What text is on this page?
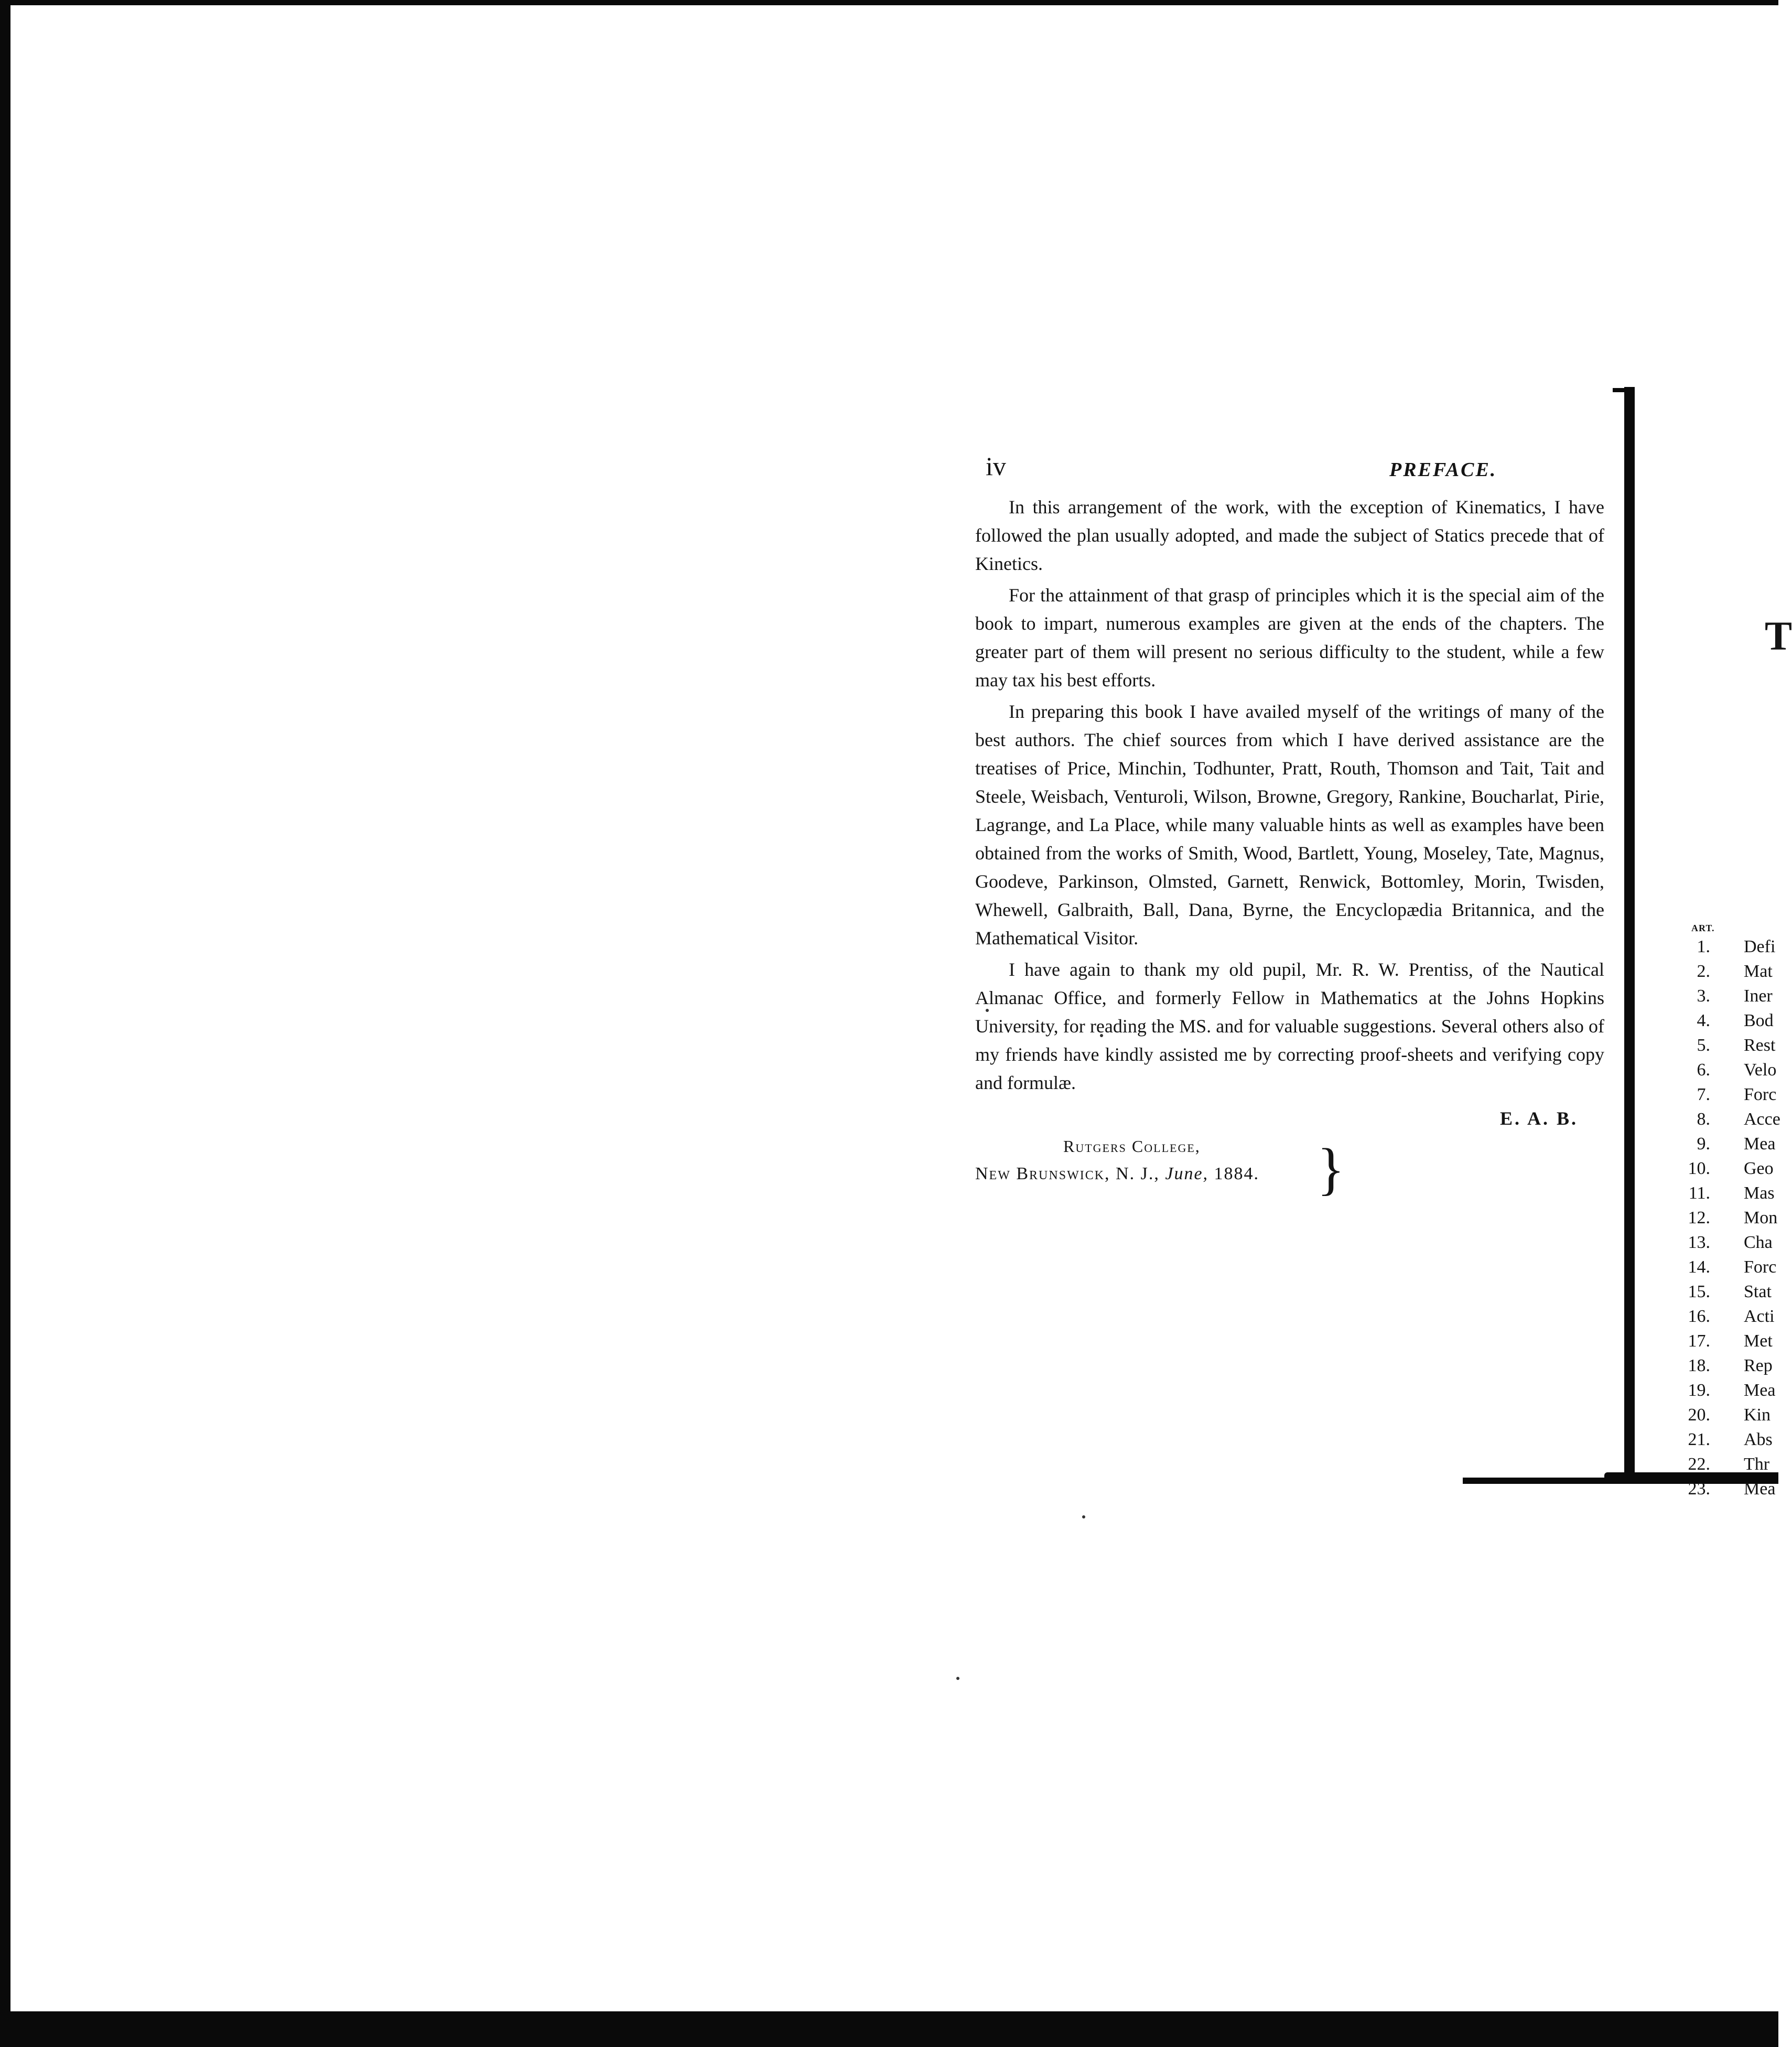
iv	PREFACE.

In this arrangement of the work, with the exception of Kinematics, I have followed the plan usually adopted, and made the subject of Statics precede that of Kinetics.

For the attainment of that grasp of principles which it is the special aim of the book to impart, numerous examples are given at the ends of the chapters. The greater part of them will present no serious difficulty to the student, while a few may tax his best efforts.

In preparing this book I have availed myself of the writings of many of the best authors. The chief sources from which I have derived assistance are the treatises of Price, Minchin, Todhunter, Pratt, Routh, Thomson and Tait, Tait and Steele, Weisbach, Venturoli, Wilson, Browne, Gregory, Rankine, Boucharlat, Pirie, Lagrange, and La Place, while many valuable hints as well as examples have been obtained from the works of Smith, Wood, Bartlett, Young, Moseley, Tate, Magnus, Goodeve, Parkinson, Olmsted, Garnett, Renwick, Bottomley, Morin, Twisden, Whewell, Galbraith, Ball, Dana, Byrne, the Encyclopædia Britannica, and the Mathematical Visitor.

I have again to thank my old pupil, Mr. R. W. Prentiss, of the Nautical Almanac Office, and formerly Fellow in Mathematics at the Johns Hopkins University, for reading the MS. and for valuable suggestions. Several others also of my friends have kindly assisted me by correcting proof-sheets and verifying copy and formulæ.

E. A. B.
Rutgers College,
New Brunswick, N. J., June, 1884. }
T
ART.
1. Defi
2. Mat
3. Iner
4. Bod
5. Rest
6. Velo
7. Forc
8. Acce
9. Mea
10. Geo
11. Mas
12. Mon
13. Cha
14. Forc
15. Stat
16. Acti
17. Met
18. Rep
19. Mea
20. Kin
21. Abs
22. Thr
23. Mea
